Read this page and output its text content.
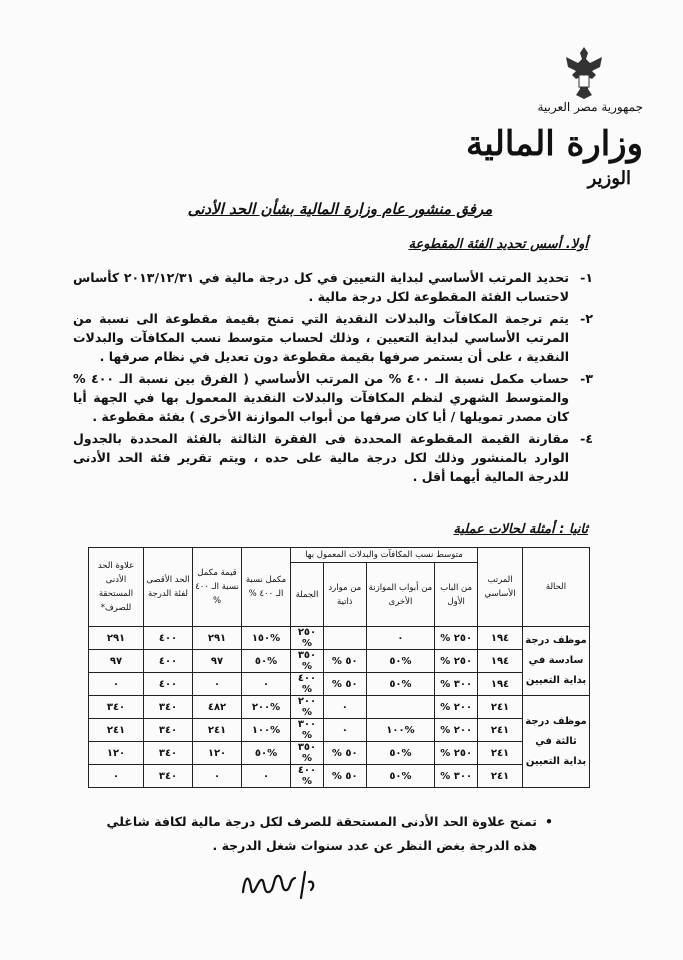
جمهورية مصر العربية
وزارة المالية
الوزير
مرفق منشور عام وزارة المالية بشأن الحد الأدنى
أولا. أسس تحديد الفئة المقطوعة
١-
تحديد المرتب الأساسي لبداية التعيين في كل درجة مالية في ٢٠١٣/١٢/٣١ كأساس لاحتساب الفئة المقطوعة لكل درجة مالية .
٢-
يتم ترجمة المكافآت والبدلات النقدية التي تمنح بقيمة مقطوعة الى نسبة من المرتب الأساسي لبداية التعيين ، وذلك لحساب متوسط نسب المكافآت والبدلات النقدية ، على أن يستمر صرفها بقيمة مقطوعة دون تعديل في نظام صرفها .
٣-
حساب مكمل نسبة الـ ٤٠٠ % من المرتب الأساسي ( الفرق بين نسبة الـ ٤٠٠ % والمتوسط الشهري لنظم المكافآت والبدلات النقدية المعمول بها في الجهة أيا كان مصدر تمويلها / أيا كان صرفها من أبواب الموازنة الأخرى ) بفئة مقطوعة .
٤-
مقارنة القيمة المقطوعة المحددة فى الفقرة الثالثة بالفئة المحددة بالجدول الوارد بالمنشور وذلك لكل درجة مالية على حده ، ويتم تقرير فئة الحد الأدنى للدرجة المالية أيهما أقل .
ثانيا : أمثلة لحالات عملية
الحالة	المرتب الأساسي	متوسط نسب المكافآت والبدلات المعمول بها				مكمل نسبة الـ ٤٠٠ %	قيمة مكمل نسبة الـ ٤٠٠ %	الحد الأقصى لفئة الدرجة	علاوة الحد الأدنى المستحقة للصرف*
		من الباب الأول	من أبواب الموازنة الأخرى	من موارد ذاتية	الجملة				
موظف درجة سادسة في بداية التعيين	١٩٤	٢٥٠ %	٠		٢٥٠ %	%١٥٠	٢٩١	٤٠٠	٢٩١
	١٩٤	٢٥٠ %	%٥٠	٥٠ %	٣٥٠ %	%٥٠	٩٧	٤٠٠	٩٧
	١٩٤	٣٠٠ %	%٥٠	٥٠ %	٤٠٠ %	٠	٠	٤٠٠	٠
موظف درجة ثالثة في بداية التعيين	٢٤١	٢٠٠ %		٠	٢٠٠ %	%٢٠٠	٤٨٢	٣٤٠	٣٤٠
	٢٤١	٢٠٠ %	%١٠٠	٠	٣٠٠ %	%١٠٠	٢٤١	٣٤٠	٢٤١
	٢٤١	٢٥٠ %	%٥٠	٥٠ %	٣٥٠ %	%٥٠	١٢٠	٣٤٠	١٢٠
	٢٤١	٣٠٠ %	%٥٠	٥٠ %	٤٠٠ %	٠	٠	٣٤٠	٠
•
تمنح علاوة الحد الأدنى المستحقة للصرف لكل درجة مالية لكافة شاغلي هذه الدرجة بغض النظر عن عدد سنوات شغل الدرجة .
